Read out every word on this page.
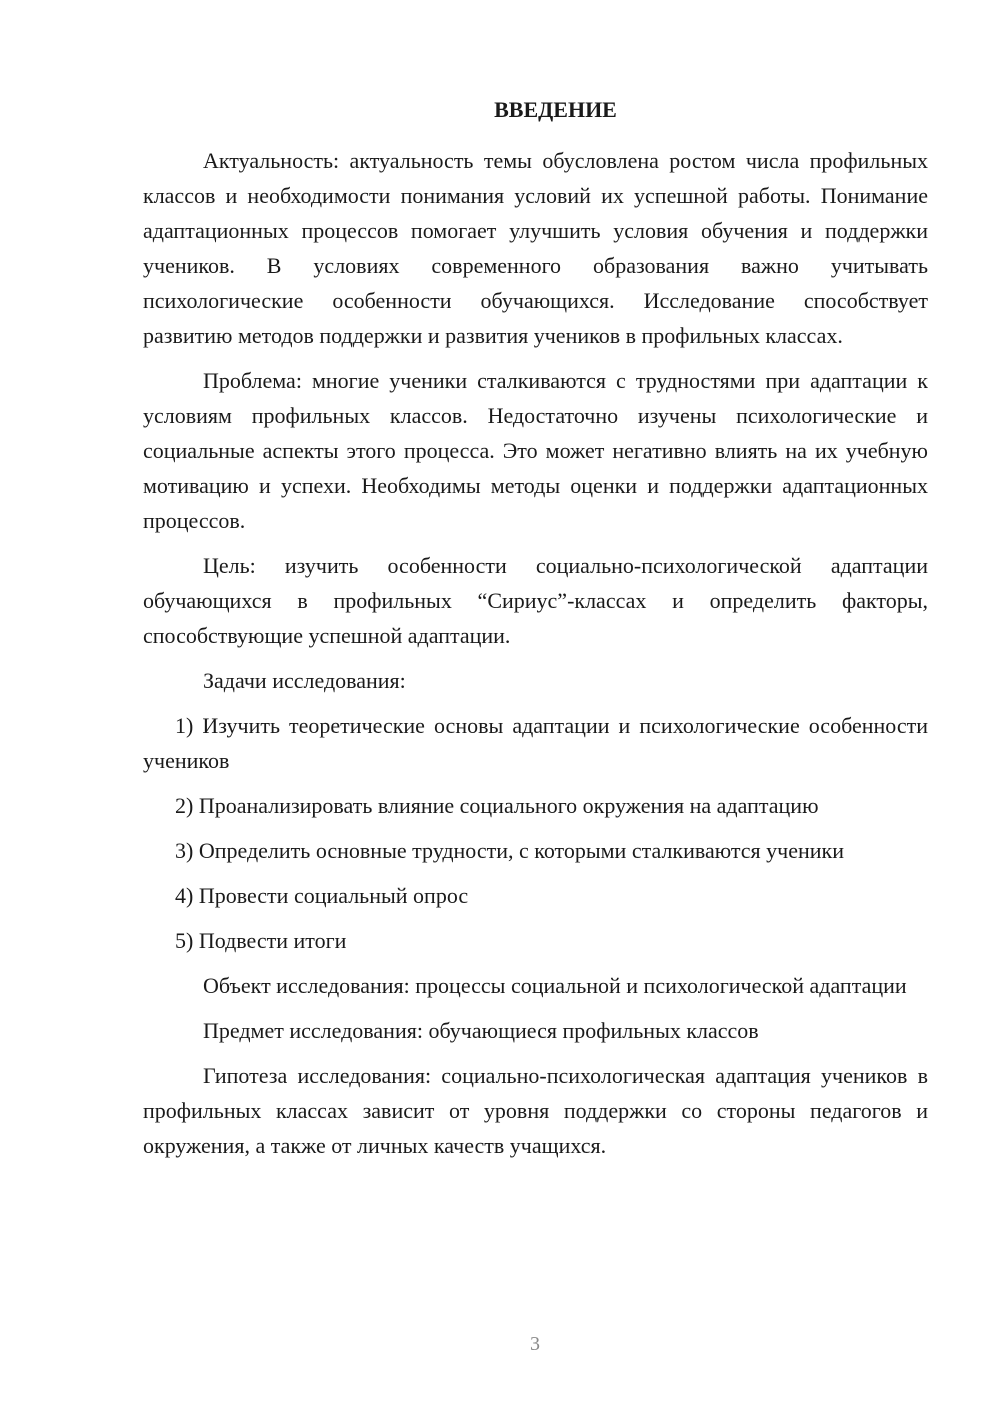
ВВЕДЕНИЕ

Актуальность: актуальность темы обусловлена ростом числа профильных классов и необходимости понимания условий их успешной работы. Понимание адаптационных процессов помогает улучшить условия обучения и поддержки учеников. В условиях современного образования важно учитывать психологические особенности обучающихся. Исследование способствует развитию методов поддержки и развития учеников в профильных классах.

Проблема: многие ученики сталкиваются с трудностями при адаптации к условиям профильных классов. Недостаточно изучены психологические и социальные аспекты этого процесса. Это может негативно влиять на их учебную мотивацию и успехи. Необходимы методы оценки и поддержки адаптационных процессов.

Цель: изучить особенности социально-психологической адаптации обучающихся в профильных “Сириус”-классах и определить факторы, способствующие успешной адаптации.

Задачи исследования:

1) Изучить теоретические основы адаптации и психологические особенности учеников

2) Проанализировать влияние социального окружения на адаптацию

3) Определить основные трудности, с которыми сталкиваются ученики

4) Провести социальный опрос

5) Подвести итоги

Объект исследования: процессы социальной и психологической адаптации

Предмет исследования: обучающиеся профильных классов

Гипотеза исследования: социально-психологическая адаптация учеников в профильных классах зависит от уровня поддержки со стороны педагогов и окружения, а также от личных качеств учащихся.

3
